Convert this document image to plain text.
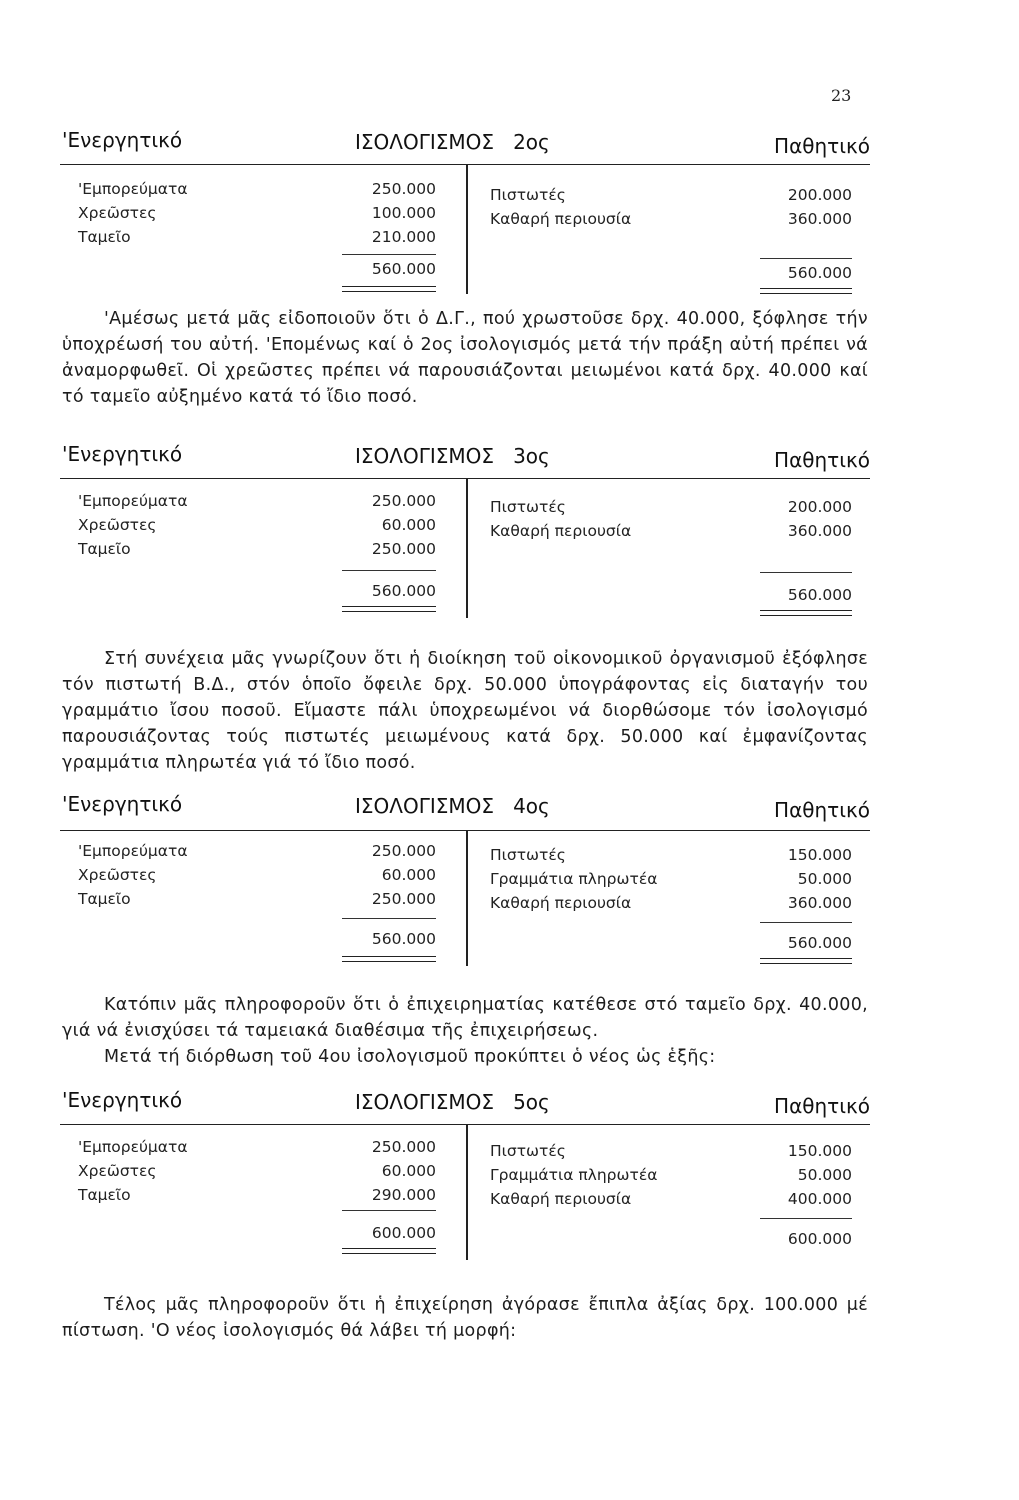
23
'Ενεργητικό	ΙΣΟΛΟΓΙΣΜΟΣ   2ος	Παθητικό
'Εμπορεύματα	250.000
Χρεῶστες	100.000
Ταμεῖο	210.000
560.000
Πιστωτές	200.000
Καθαρή περιουσία	360.000
560.000

'Αμέσως μετά μᾶς εἰδοποιοῦν ὅτι ὁ Δ.Γ., πού χρωστοῦσε δρχ. 40.000, ξόφλησε τήν ὑποχρέωσή του αὐτή. 'Επομένως καί ὁ 2ος ἰσολογισμός μετά τήν πράξη αὐτή πρέπει νά ἀναμορφωθεῖ. Οἱ χρεῶστες πρέπει νά παρουσιάζονται μειωμένοι κατά δρχ. 40.000 καί τό ταμεῖο αὐξημένο κατά τό ἴδιο ποσό.

'Ενεργητικό	ΙΣΟΛΟΓΙΣΜΟΣ   3ος	Παθητικό
'Εμπορεύματα	250.000
Χρεῶστες	60.000
Ταμεῖο	250.000
560.000
Πιστωτές	200.000
Καθαρή περιουσία	360.000
560.000

Στή συνέχεια μᾶς γνωρίζουν ὅτι ἡ διοίκηση τοῦ οἰκονομικοῦ ὀργανισμοῦ ἐξόφλησε τόν πιστωτή Β.Δ., στόν ὁποῖο ὄφειλε δρχ. 50.000 ὑπογράφοντας εἰς διαταγήν του γραμμάτιο ἴσου ποσοῦ. Εἴμαστε πάλι ὑποχρεωμένοι νά διορθώσομε τόν ἰσολογισμό παρουσιάζοντας τούς πιστωτές μειωμένους κατά δρχ. 50.000 καί ἐμφανίζοντας γραμμάτια πληρωτέα γιά τό ἴδιο ποσό.

'Ενεργητικό	ΙΣΟΛΟΓΙΣΜΟΣ   4ος	Παθητικό
'Εμπορεύματα	250.000
Χρεῶστες	60.000
Ταμεῖο	250.000
560.000
Πιστωτές	150.000
Γραμμάτια πληρωτέα	50.000
Καθαρή περιουσία	360.000
560.000

Κατόπιν μᾶς πληροφοροῦν ὅτι ὁ ἐπιχειρηματίας κατέθεσε στό ταμεῖο δρχ. 40.000, γιά νά ἐνισχύσει τά ταμειακά διαθέσιμα τῆς ἐπιχειρήσεως.

Μετά τή διόρθωση τοῦ 4ου ἰσολογισμοῦ προκύπτει ὁ νέος ὡς ἑξῆς:

'Ενεργητικό	ΙΣΟΛΟΓΙΣΜΟΣ   5ος	Παθητικό
'Εμπορεύματα	250.000
Χρεῶστες	60.000
Ταμεῖο	290.000
600.000
Πιστωτές	150.000
Γραμμάτια πληρωτέα	50.000
Καθαρή περιουσία	400.000
600.000

Τέλος μᾶς πληροφοροῦν ὅτι ἡ ἐπιχείρηση ἀγόρασε ἔπιπλα ἀξίας δρχ. 100.000 μέ πίστωση. 'Ο νέος ἰσολογισμός θά λάβει τή μορφή:
